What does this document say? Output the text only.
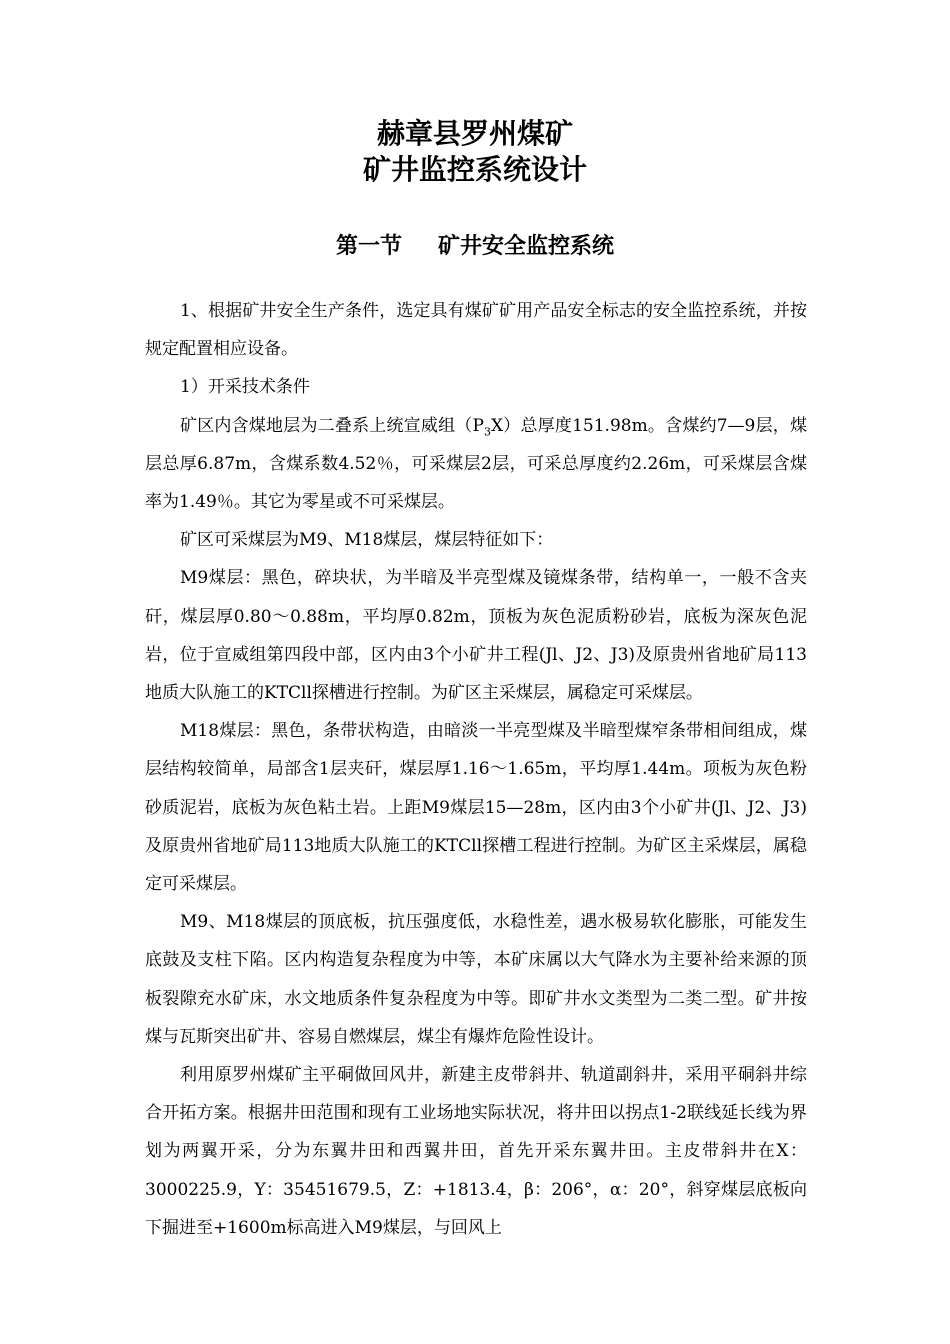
赫章县罗州煤矿
矿井监控系统设计
第一节 矿井安全监控系统

1、根据矿井安全生产条件，选定具有煤矿矿用产品安全标志的安全监控系统，并按规定配置相应设备。

1）开采技术条件

矿区内含煤地层为二叠系上统宣威组$(P_3X)$总厚度151.98m。含煤约7—9层，煤层总厚6.87m，含煤系数4.52％，可采煤层2层，可采总厚度约2.26m，可采煤层含煤率为1.49％。其它为零星或不可采煤层。

矿区可采煤层为M9、M18煤层，煤层特征如下：

M9煤层：黑色，碎块状，为半暗及半亮型煤及镜煤条带，结构单一，一般不含夹矸，煤层厚0.80～0.88m，平均厚0.82m，顶板为灰色泥质粉砂岩，底板为深灰色泥岩，位于宣威组第四段中部，区内由3个小矿井工程(Jl、J2、J3)及原贵州省地矿局113地质大队施工的KTCll探槽进行控制。为矿区主采煤层，属稳定可采煤层。

M18煤层：黑色，条带状构造，由暗淡一半亮型煤及半暗型煤窄条带相间组成，煤层结构较简单，局部含1层夹矸，煤层厚1.16～1.65m，平均厚1.44m。项板为灰色粉砂质泥岩，底板为灰色粘土岩。上距M9煤层15—28m，区内由3个小矿井(Jl、J2、J3)及原贵州省地矿局113地质大队施工的KTCll探槽工程进行控制。为矿区主采煤层，属稳定可采煤层。

M9、M18煤层的顶底板，抗压强度低，水稳性差，遇水极易软化膨胀，可能发生底鼓及支柱下陷。区内构造复杂程度为中等，本矿床属以大气降水为主要补给来源的顶板裂隙充水矿床，水文地质条件复杂程度为中等。即矿井水文类型为二类二型。矿井按煤与瓦斯突出矿井、容易自燃煤层，煤尘有爆炸危险性设计。

利用原罗州煤矿主平硐做回风井，新建主皮带斜井、轨道副斜井，采用平硐斜井综合开拓方案。根据井田范围和现有工业场地实际状况，将井田以拐点1-2联线延长线为界划为两翼开采，分为东翼井田和西翼井田，首先开采东翼井田。主皮带斜井在X：3000225.9，Y：35451679.5，Z：+1813.4，β：206°，α：20°，斜穿煤层底板向下掘进至+1600m标高进入M9煤层，与回风上
